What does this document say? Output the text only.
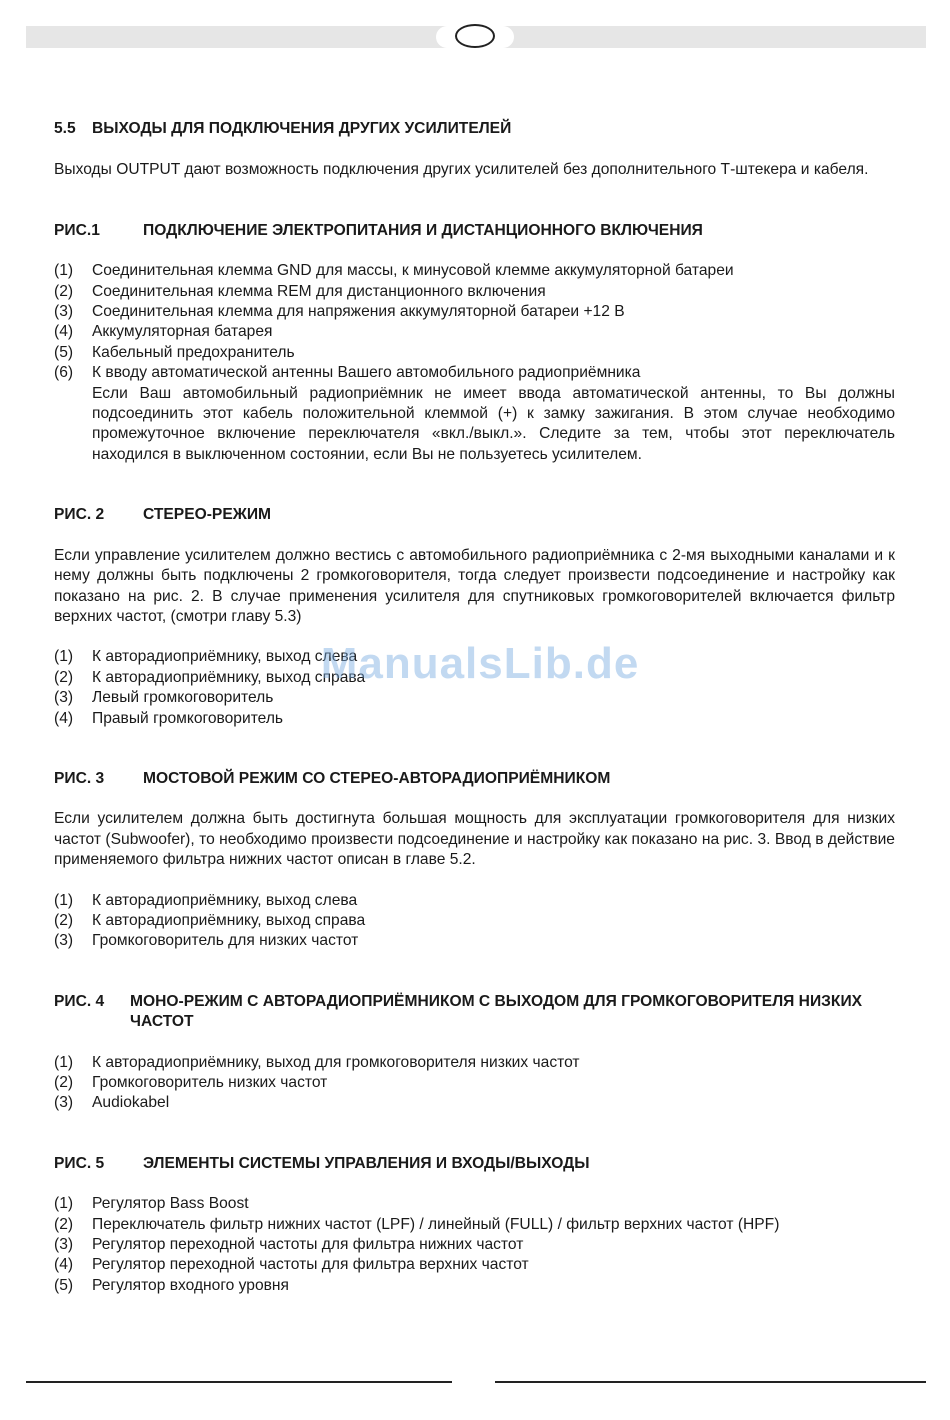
5.5	ВЫХОДЫ ДЛЯ ПОДКЛЮЧЕНИЯ ДРУГИХ УСИЛИТЕЛЕЙ

Выходы OUTPUT дают возможность подключения других усилителей без дополнительного Т-штекера и кабеля.

РИС.1	ПОДКЛЮЧЕНИЕ ЭЛЕКТРОПИТАНИЯ И ДИСТАНЦИОННОГО ВКЛЮЧЕНИЯ
(1)	Соединительная клемма GND для массы, к минусовой клемме аккумуляторной батареи
(2)	Соединительная клемма REM для дистанционного включения
(3)	Соединительная клемма для напряжения аккумуляторной батареи +12 В
(4)	Аккумуляторная батарея
(5)	Кабельный предохранитель
(6)	К вводу автоматической антенны Вашего автомобильного радиоприёмника

Если Ваш автомобильный радиоприёмник не имеет ввода автоматической антенны, то Вы должны подсоединить этот кабель положительной клеммой (+) к замку зажигания. В этом случае необходимо промежуточное включение переключателя «вкл./выкл.». Следите за тем, чтобы этот переключатель находился в выключенном состоянии, если Вы не пользуетесь усилителем.

РИС. 2	СТЕРЕО-РЕЖИМ

Если управление усилителем должно вестись с автомобильного радиоприёмника с 2-мя выходными каналами и к нему должны быть подключены 2 громкоговорителя, тогда следует произвести подсоединение и настройку как показано на рис. 2. В случае применения усилителя для спутниковых громкоговорителей включается фильтр верхних частот, (смотри главу 5.3)

(1)	К авторадиоприёмнику, выход слева
(2)	К авторадиоприёмнику, выход справа
(3)	Левый громкоговоритель
(4)	Правый громкоговоритель
РИС. 3	МОСТОВОЙ РЕЖИМ СО СТЕРЕО-АВТОРАДИОПРИЁМНИКОМ

Если усилителем должна быть достигнута большая мощность для эксплуатации громкоговорителя для низких частот (Subwoofer), то необходимо произвести подсоединение и настройку как показано на рис. 3. Ввод в действие применяемого фильтра нижних частот описан в главе 5.2.

(1)	К авторадиоприёмнику, выход слева
(2)	К авторадиоприёмнику, выход справа
(3)	Громкоговоритель для низких частот
РИС. 4	МОНО-РЕЖИМ С АВТОРАДИОПРИЁМНИКОМ С ВЫХОДОМ ДЛЯ ГРОМКОГОВОРИТЕЛЯ НИЗКИХ ЧАСТОТ
(1)	К авторадиоприёмнику, выход для громкоговорителя низких частот
(2)	Громкоговоритель низких частот
(3)	Audiokabel
РИС. 5	ЭЛЕМЕНТЫ СИСТЕМЫ УПРАВЛЕНИЯ И ВХОДЫ/ВЫХОДЫ
(1)	Регулятор Bass Boost
(2)	Переключатель фильтр нижних частот (LPF) / линейный (FULL) / фильтр верхних частот (HPF)
(3)	Регулятор переходной частоты для фильтра нижних частот
(4)	Регулятор переходной частоты для фильтра верхних частот
(5)	Регулятор входного уровня
ManualsLib.de
